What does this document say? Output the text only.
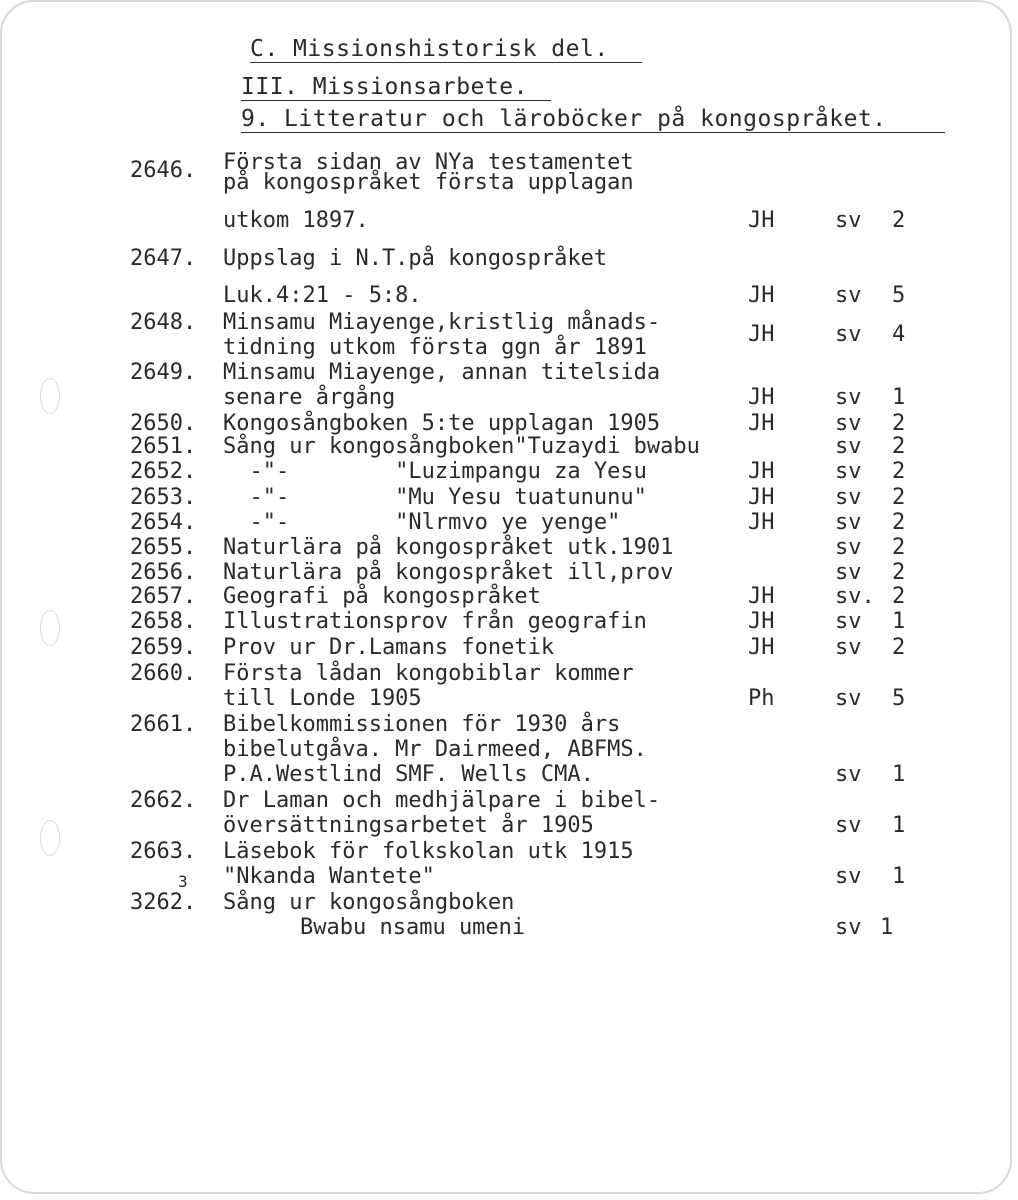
C. Missionshistorisk del.
III. Missionsarbete.
9. Litteratur och läroböcker på kongospråket.
2646. Första sidan av NYa testamentet
på kongospråket första upplagan
utkom 1897.	JH	sv 2
2647. Uppslag i N.T.på kongospråket
Luk.4:21 - 5:8.	JH	sv 5
2648. Minsamu Miayenge,kristlig månads-
tidning utkom första ggn år 1891
JH	sv 4
2649. Minsamu Miayenge, annan titelsida
senare årgång	JH	sv 1
2650. Kongosångboken 5:te upplagan 1905	JH	sv 2
2651. Sång ur kongosångboken"Tuzaydi bwabu	sv 2
2652. -"-        "Luzimpangu za Yesu	JH	sv 2
2653. -"-        "Mu Yesu tuatununu"	JH	sv 2
2654. -"-        "Nlrmvo ye yenge"	JH	sv 2
2655. Naturlära på kongospråket utk.1901	sv 2
2656. Naturlära på kongospråket ill,prov	sv 2
2657. Geografi på kongospråket	JH	sv. 2
2658. Illustrationsprov från geografin	JH	sv 1
2659. Prov ur Dr.Lamans fonetik	JH	sv 2
2660. Första lådan kongobiblar kommer
till Londe 1905	Ph	sv 5
2661. Bibelkommissionen för 1930 års
bibelutgåva. Mr Dairmeed, ABFMS.
P.A.Westlind SMF. Wells CMA.	sv 1
2662. Dr Laman och medhjälpare i bibel-
översättningsarbetet år 1905	sv 1
2663. Läsebok för folkskolan utk 1915
"Nkanda Wantete"	sv 1
3
3262. Sång ur kongosångboken
Bwabu nsamu umeni	sv 1
